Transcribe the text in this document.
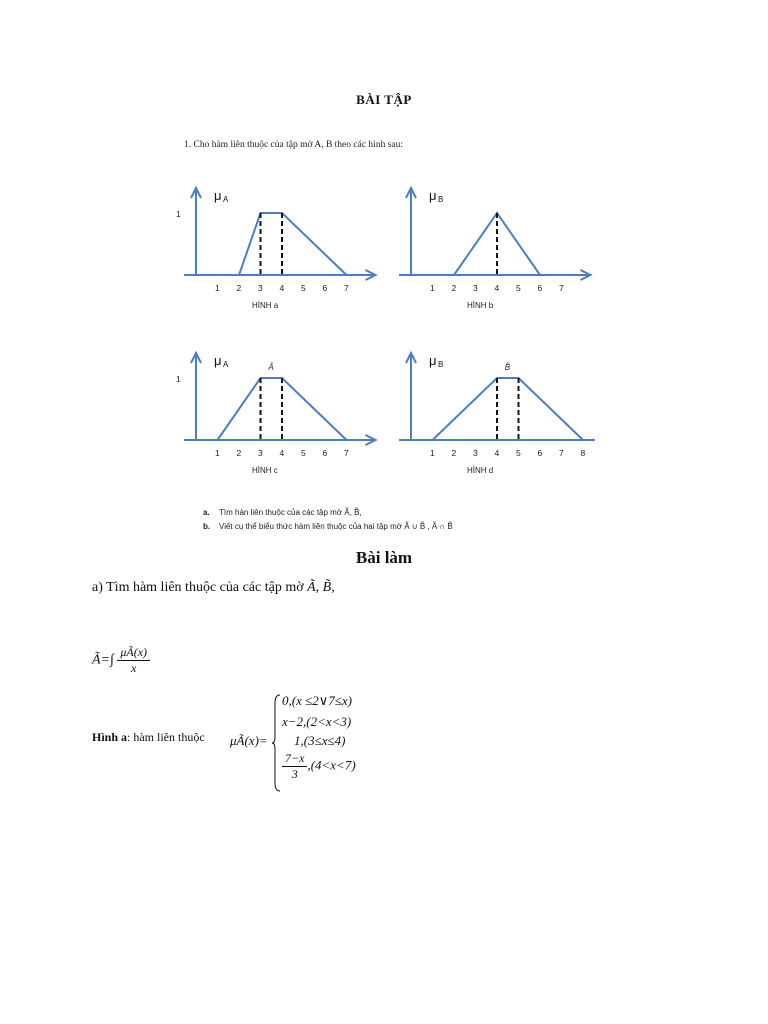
BÀI TẬP
1. Cho hàm liên thuộc của tập mờ A, B theo các hình sau:
μ A
1
1 2 3 4 5 6 7
HÌNH a
μ B
1 2 3 4 5 6 7
HÌNH b
μ A
1
1 2 3 4 5 6 7
Ã
HÌNH c
μ B
1 2 3 4 5 6 7 8
B̃
HÌNH d
a. Tìm hàn liên thuộc của các tập mờ Ã, B̃,
b. Viết cụ thể biểu thức hàm liên thuộc của hai tập mờ Ã ∪ B̃ , Ã ∩ B̃
Bài làm
a) Tìm hàm liên thuộc của các tập mờ Ã, B̃,
Ã=∫ $\frac{\mu Ã(x)}{x}$
Hình a: hàm liên thuộc μÃ(x)=
0,(x ≤2∨7≤x)
x−2,(2<x<3)
1,(3≤x≤4)
$\frac{7-x}{3} ,(4<x<7)$
